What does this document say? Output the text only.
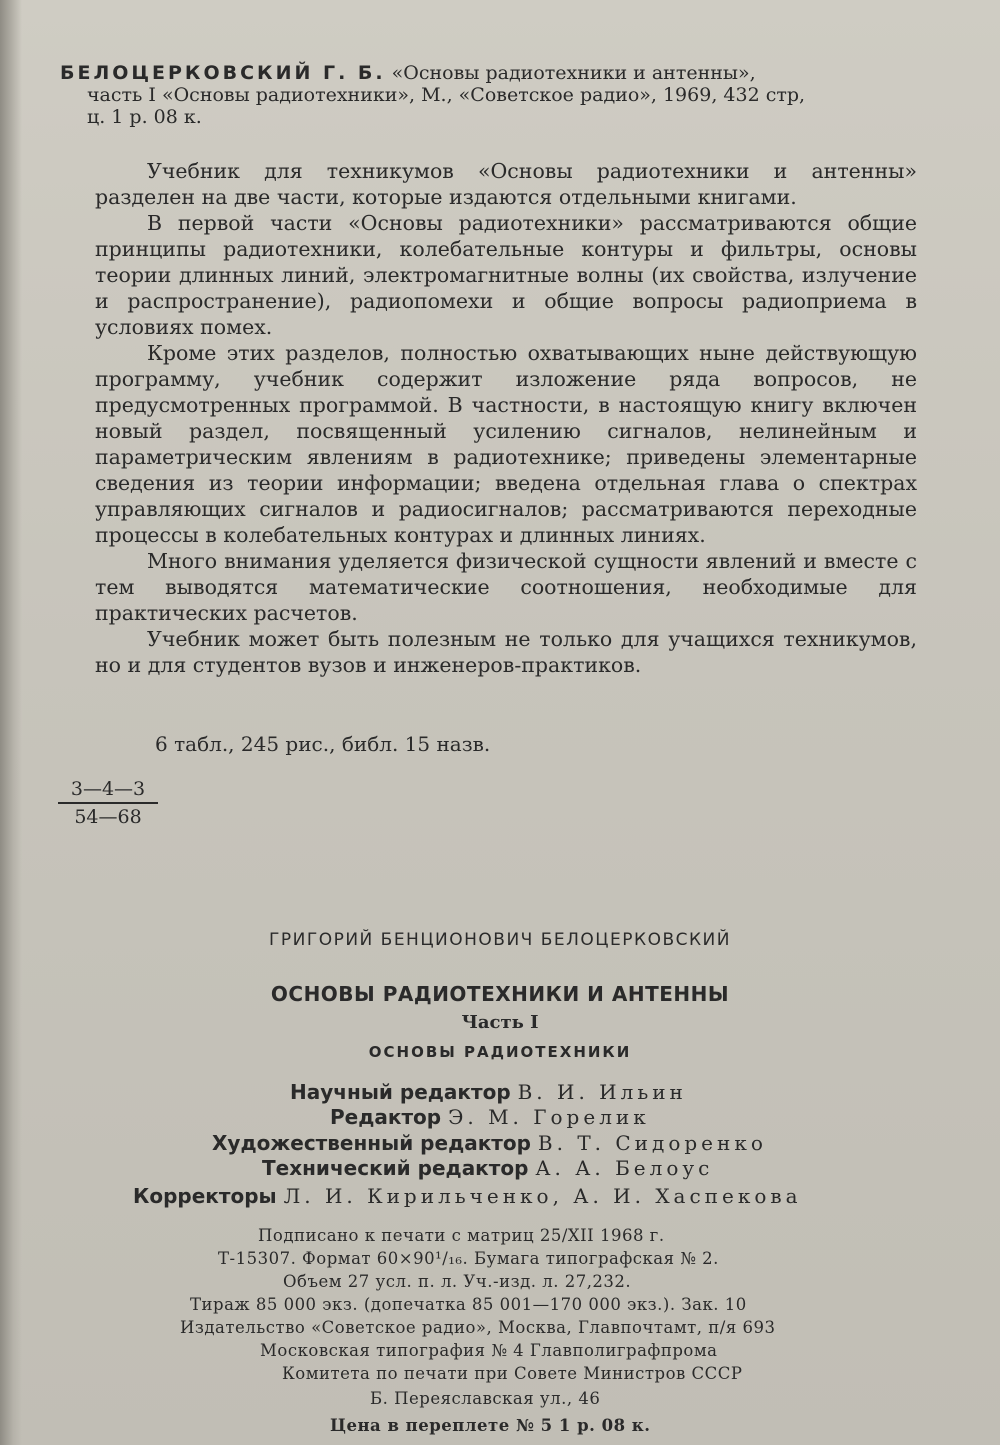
БЕЛОЦЕРКОВСКИЙ Г. Б. «Основы радиотехники и антенны»,
часть I «Основы радиотехники», М., «Советское радио», 1969, 432 стр,
ц. 1 р. 08 к.

Учебник для техникумов «Основы радиотехники и антенны» разделен на две части, которые издаются отдельными книгами.

В первой части «Основы радиотехники» рассматриваются общие принципы радиотехники, колебательные контуры и фильтры, основы теории длинных линий, электромагнитные волны (их свойства, излучение и распространение), радиопомехи и общие вопросы радиоприема в условиях помех.

Кроме этих разделов, полностью охватывающих ныне действующую программу, учебник содержит изложение ряда вопросов, не предусмотренных программой. В частности, в настоящую книгу включен новый раздел, посвященный усилению сигналов, нелинейным и параметрическим явлениям в радиотехнике; приведены элементарные сведения из теории информации; введена отдельная глава о спектрах управляющих сигналов и радиосигналов; рассматриваются переходные процессы в колебательных контурах и длинных линиях.

Много внимания уделяется физической сущности явлений и вместе с тем выводятся математические соотношения, необходимые для практических расчетов.

Учебник может быть полезным не только для учащихся техникумов, но и для студентов вузов и инженеров-практиков.

6 табл., 245 рис., библ. 15 назв.
$\frac{3—4—3}{54—68}$
ГРИГОРИЙ БЕНЦИОНОВИЧ БЕЛОЦЕРКОВСКИЙ
ОСНОВЫ РАДИОТЕХНИКИ И АНТЕННЫ
Часть I
ОСНОВЫ РАДИОТЕХНИКИ
Научный редактор В. И. Ильин
Редактор Э. М. Горелик
Художественный редактор В. Т. Сидоренко
Технический редактор А. А. Белоус
Корректоры Л. И. Кирильченко, А. И. Хаспекова
Подписано к печати с матриц 25/XII 1968 г.
Т-15307. Формат 60×90¹/₁₆. Бумага типографская № 2.
Объем 27 усл. п. л. Уч.-изд. л. 27,232.
Тираж 85 000 экз. (допечатка 85 001—170 000 экз.). Зак. 10
Издательство «Советское радио», Москва, Главпочтамт, п/я 693
Московская типография № 4 Главполиграфпрома
Комитета по печати при Совете Министров СССР
Б. Переяславская ул., 46
Цена в переплете № 5 1 р. 08 к.
